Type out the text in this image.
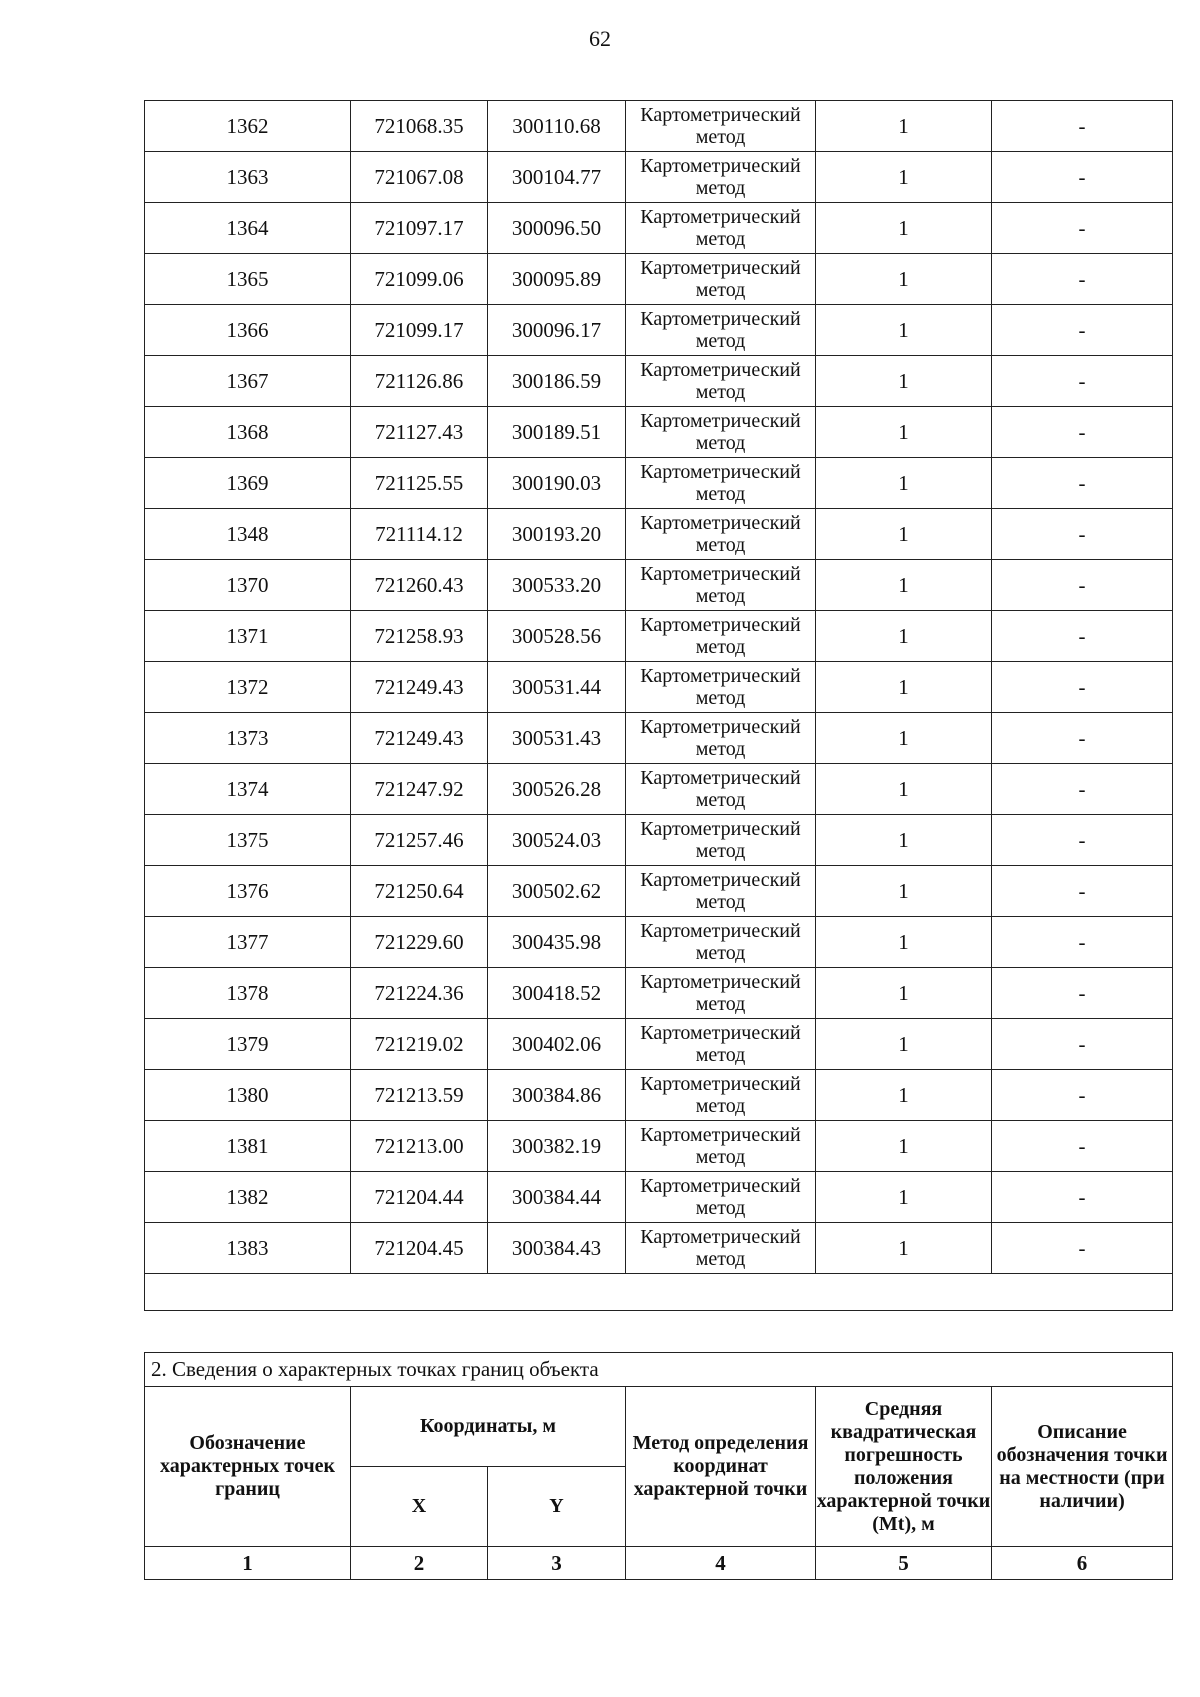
62
1362	721068.35	300110.68	Картометрический метод	1	-
1363	721067.08	300104.77	Картометрический метод	1	-
1364	721097.17	300096.50	Картометрический метод	1	-
1365	721099.06	300095.89	Картометрический метод	1	-
1366	721099.17	300096.17	Картометрический метод	1	-
1367	721126.86	300186.59	Картометрический метод	1	-
1368	721127.43	300189.51	Картометрический метод	1	-
1369	721125.55	300190.03	Картометрический метод	1	-
1348	721114.12	300193.20	Картометрический метод	1	-
1370	721260.43	300533.20	Картометрический метод	1	-
1371	721258.93	300528.56	Картометрический метод	1	-
1372	721249.43	300531.44	Картометрический метод	1	-
1373	721249.43	300531.43	Картометрический метод	1	-
1374	721247.92	300526.28	Картометрический метод	1	-
1375	721257.46	300524.03	Картометрический метод	1	-
1376	721250.64	300502.62	Картометрический метод	1	-
1377	721229.60	300435.98	Картометрический метод	1	-
1378	721224.36	300418.52	Картометрический метод	1	-
1379	721219.02	300402.06	Картометрический метод	1	-
1380	721213.59	300384.86	Картометрический метод	1	-
1381	721213.00	300382.19	Картометрический метод	1	-
1382	721204.44	300384.44	Картометрический метод	1	-
1383	721204.45	300384.43	Картометрический метод	1	-

2. Сведения о характерных точках границ объекта					
Обозначение характерных точек границ	Координаты, м		Метод определения координат характерной точки	Средняя квадратическая погрешность положения характерной точки (Mt), м	Описание обозначения точки на местности (при наличии)
	X	Y			
1	2	3	4	5	6
